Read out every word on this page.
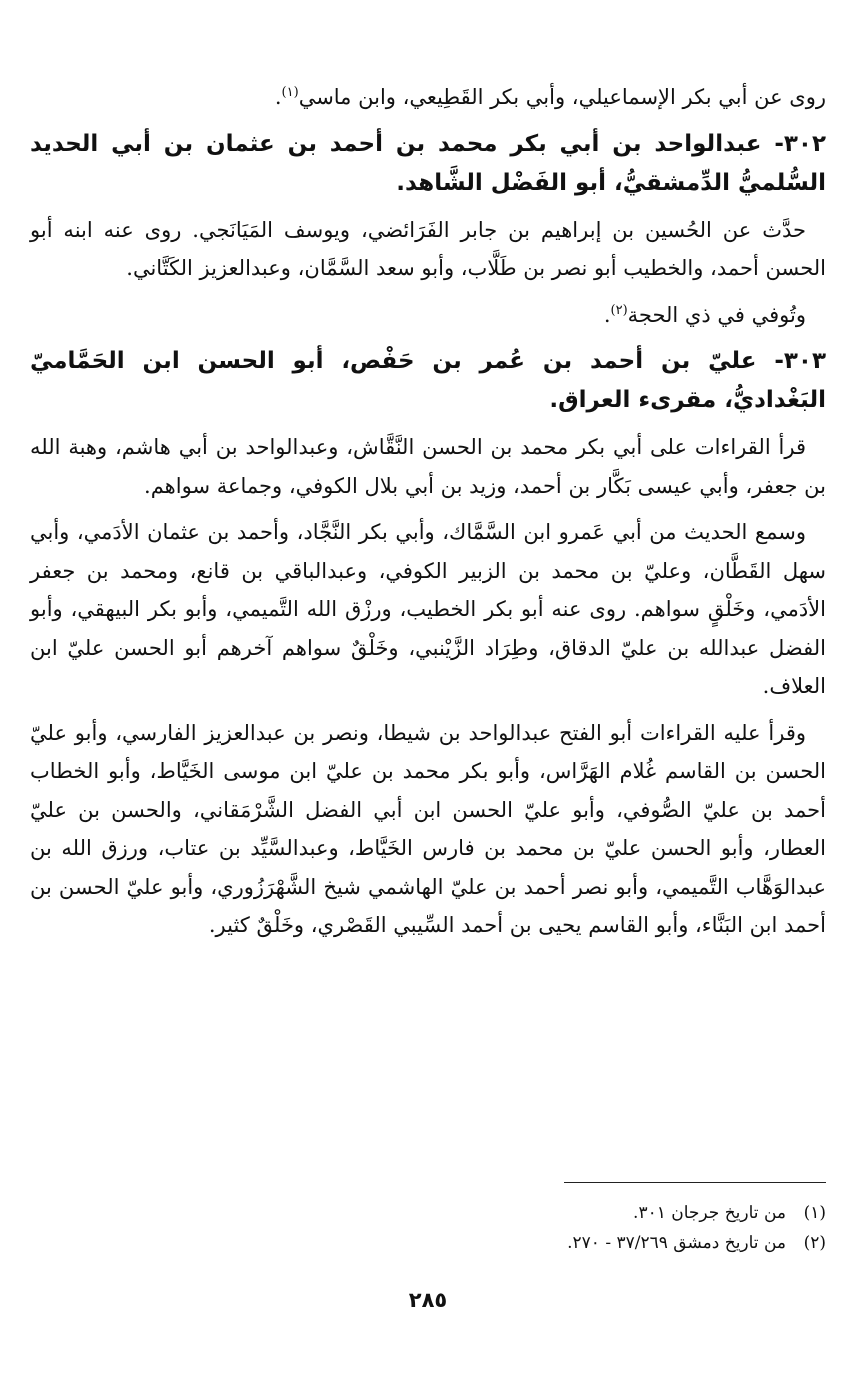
روى عن أبي بكر الإسماعيلي، وأبي بكر القَطِيعي، وابن ماسي$^{(١)}$.

٣٠٢- عبدالواحد بن أبي بكر محمد بن أحمد بن عثمان بن أبي الحديد السُّلميُّ الدِّمشقيُّ، أبو الفَضْل الشَّاهد.

حدَّث عن الحُسين بن إبراهيم بن جابر الفَرَائضي، ويوسف المَيَانَجي. روى عنه ابنه أبو الحسن أحمد، والخطيب أبو نصر بن طَلَّاب، وأبو سعد السَّمَّان، وعبدالعزيز الكَتَّاني.

وتُوفي في ذي الحجة$^{(٢)}$.

٣٠٣- عليّ بن أحمد بن عُمر بن حَفْص، أبو الحسن ابن الحَمَّاميّ البَغْداديُّ، مقرىء العراق.

قرأ القراءات على أبي بكر محمد بن الحسن النَّقَّاش، وعبدالواحد بن أبي هاشم، وهبة الله بن جعفر، وأبي عيسى بَكَّار بن أحمد، وزيد بن أبي بلال الكوفي، وجماعة سواهم.

وسمع الحديث من أبي عَمرو ابن السَّمَّاك، وأبي بكر النَّجَّاد، وأحمد بن عثمان الأدَمي، وأبي سهل القَطَّان، وعليّ بن محمد بن الزبير الكوفي، وعبدالباقي بن قانع، ومحمد بن جعفر الأدَمي، وخَلْقٍ سواهم. روى عنه أبو بكر الخطيب، ورزْق الله التَّميمي، وأبو بكر البيهقي، وأبو الفضل عبدالله بن عليّ الدقاق، وطِرَاد الزَّيْنبي، وخَلْقٌ سواهم آخرهم أبو الحسن عليّ ابن العلاف.

وقرأ عليه القراءات أبو الفتح عبدالواحد بن شيطا، ونصر بن عبدالعزيز الفارسي، وأبو عليّ الحسن بن القاسم غُلام الهَرَّاس، وأبو بكر محمد بن عليّ ابن موسى الخَيَّاط، وأبو الخطاب أحمد بن عليّ الصُّوفي، وأبو عليّ الحسن ابن أبي الفضل الشَّرْمَقاني، والحسن بن عليّ العطار، وأبو الحسن عليّ بن محمد بن فارس الخَيَّاط، وعبدالسَّيِّد بن عتاب، ورزق الله بن عبدالوَهَّاب التَّميمي، وأبو نصر أحمد بن عليّ الهاشمي شيخ الشَّهْرَزُوري، وأبو عليّ الحسن بن أحمد ابن البَنَّاء، وأبو القاسم يحيى بن أحمد السِّيبي القَصْري، وخَلْقٌ كثير.

(١)من تاريخ جرجان ٣٠١.

(٢)من تاريخ دمشق ٣٧/٢٦٩ - ٢٧٠.

٢٨٥
